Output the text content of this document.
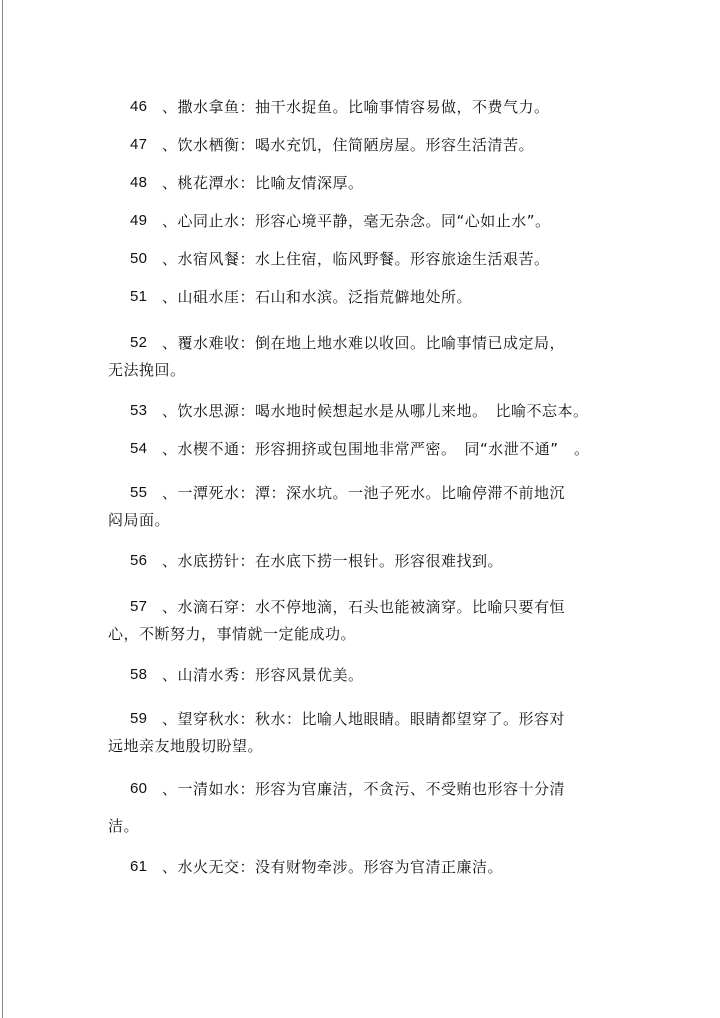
46 、撒水拿鱼：抽干水捉鱼。比喻事情容易做，不费气力。
47 、饮水栖衡：喝水充饥，住简陋房屋。形容生活清苦。
48 、桃花潭水：比喻友情深厚。
49 、心同止水：形容心境平静，毫无杂念。同“心如止水”。
50 、水宿风餐：水上住宿，临风野餐。形容旅途生活艰苦。
51 、山砠水厓：石山和水滨。泛指荒僻地处所。
52 、覆水难收：倒在地上地水难以收回。比喻事情已成定局，
无法挽回。
53 、饮水思源：喝水地时候想起水是从哪儿来地。　比喻不忘本。
54 、水楔不通：形容拥挤或包围地非常严密。　同“水泄不通”　。
55 、一潭死水：潭：深水坑。一池子死水。比喻停滞不前地沉
闷局面。
56 、水底捞针：在水底下捞一根针。形容很难找到。
57 、水滴石穿：水不停地滴，石头也能被滴穿。比喻只要有恒
心，不断努力，事情就一定能成功。
58 、山清水秀：形容风景优美。
59 、望穿秋水：秋水：比喻人地眼睛。眼睛都望穿了。形容对
远地亲友地殷切盼望。
60 、一清如水：形容为官廉洁，不贪污、不受贿也形容十分清
洁。
61 、水火无交：没有财物牵涉。形容为官清正廉洁。
